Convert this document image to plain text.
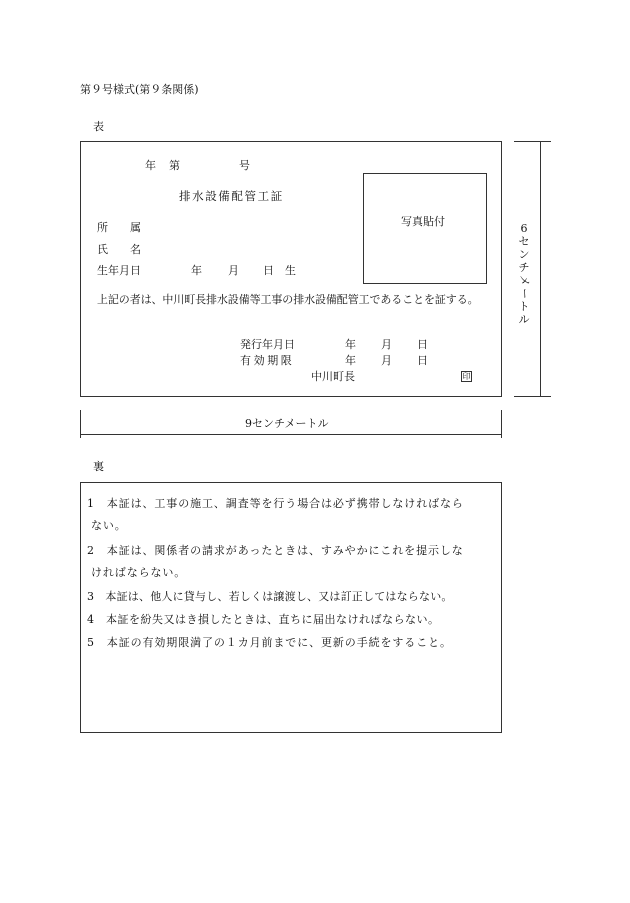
第９号様式(第９条関係)
表
年 第	号
排水設備配管工証
写真貼付
所　　属
氏　　名
生年月日	年 月 日 生
上記の者は、中川町長排水設備等工事の排水設備配管工であることを証する。
発行年月日	年 月 日
有効期限	年 月 日
中川町長	印
6
セ
ン
チ
メ
ー
ト
ル
9センチメートル
裏
1　本証は、工事の施工、調査等を行う場合は必ず携帯しなければなら
ない。
2　本証は、関係者の請求があったときは、すみやかにこれを提示しな
ければならない。
3　本証は、他人に貸与し、若しくは譲渡し、又は訂正してはならない。
4　本証を紛失又はき損したときは、直ちに届出なければならない。
5　本証の有効期限満了の１カ月前までに、更新の手続をすること。
